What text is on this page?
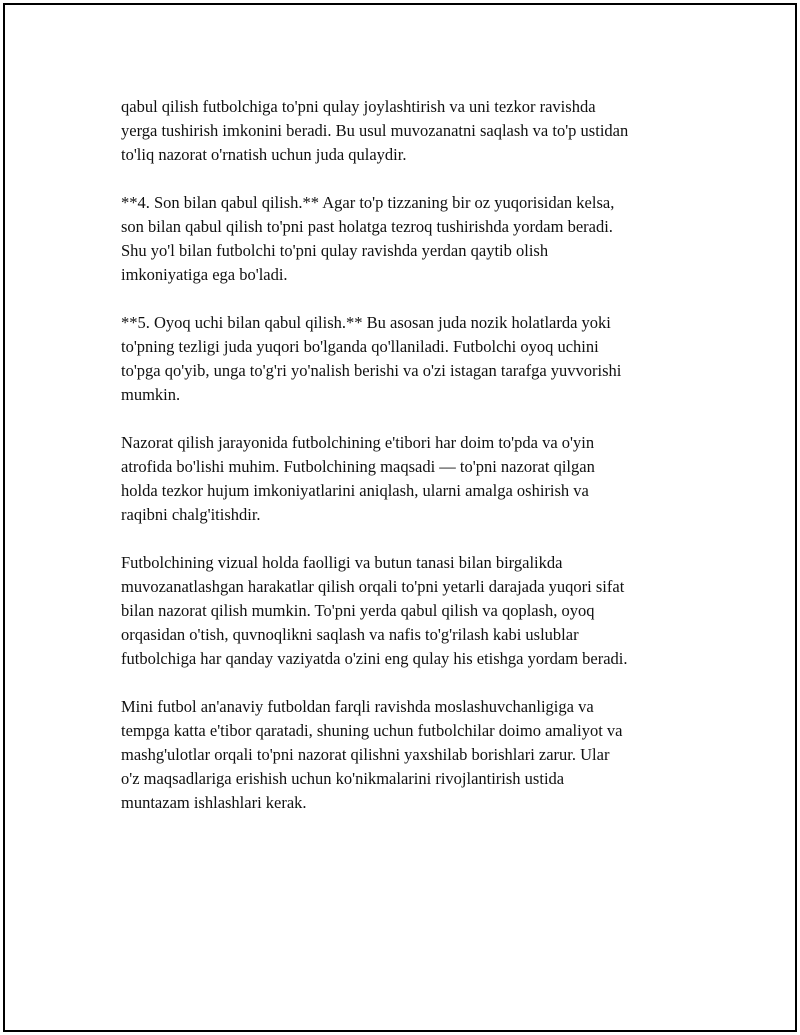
qabul qilish futbolchiga to'pni qulay joylashtirish va uni tezkor ravishda
yerga tushirish imkonini beradi. Bu usul muvozanatni saqlash va to'p ustidan
to'liq nazorat o'rnatish uchun juda qulaydir.

**4. Son bilan qabul qilish.** Agar to'p tizzaning bir oz yuqorisidan kelsa,
son bilan qabul qilish to'pni past holatga tezroq tushirishda yordam beradi.
Shu yo'l bilan futbolchi to'pni qulay ravishda yerdan qaytib olish
imkoniyatiga ega bo'ladi.

**5. Oyoq uchi bilan qabul qilish.** Bu asosan juda nozik holatlarda yoki
to'pning tezligi juda yuqori bo'lganda qo'llaniladi. Futbolchi oyoq uchini
to'pga qo'yib, unga to'g'ri yo'nalish berishi va o'zi istagan tarafga yuvvorishi
mumkin.

Nazorat qilish jarayonida futbolchining e'tibori har doim to'pda va o'yin
atrofida bo'lishi muhim. Futbolchining maqsadi — to'pni nazorat qilgan
holda tezkor hujum imkoniyatlarini aniqlash, ularni amalga oshirish va
raqibni chalg'itishdir.

Futbolchining vizual holda faolligi va butun tanasi bilan birgalikda
muvozanatlashgan harakatlar qilish orqali to'pni yetarli darajada yuqori sifat
bilan nazorat qilish mumkin. To'pni yerda qabul qilish va qoplash, oyoq
orqasidan o'tish, quvnoqlikni saqlash va nafis to'g'rilash kabi uslublar
futbolchiga har qanday vaziyatda o'zini eng qulay his etishga yordam beradi.

Mini futbol an'anaviy futboldan farqli ravishda moslashuvchanligiga va
tempga katta e'tibor qaratadi, shuning uchun futbolchilar doimo amaliyot va
mashg'ulotlar orqali to'pni nazorat qilishni yaxshilab borishlari zarur. Ular
o'z maqsadlariga erishish uchun ko'nikmalarini rivojlantirish ustida
muntazam ishlashlari kerak.
